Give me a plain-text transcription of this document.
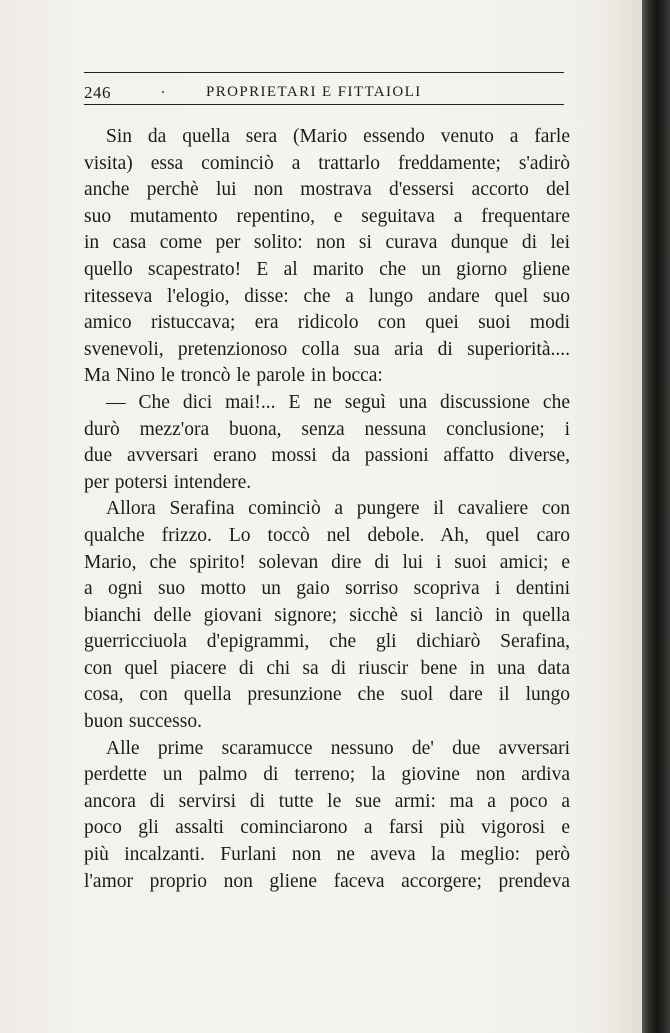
246	PROPRIETARI E FITTAIOLI
Sin da quella sera (Mario essendo venuto a farle
visita) essa cominciò a trattarlo freddamente; s'adirò
anche perchè lui non mostrava d'essersi accorto del
suo mutamento repentino, e seguitava a frequentare
in casa come per solito: non si curava dunque di lei
quello scapestrato! E al marito che un giorno gliene
ritesseva l'elogio, disse: che a lungo andare quel suo
amico ristuccava; era ridicolo con quei suoi modi
svenevoli, pretenzionoso colla sua aria di superiorità....
Ma Nino le troncò le parole in bocca:
— Che dici mai!... E ne seguì una discussione che
durò mezz'ora buona, senza nessuna conclusione; i
due avversari erano mossi da passioni affatto diverse,
per potersi intendere.
Allora Serafina cominciò a pungere il cavaliere con
qualche frizzo. Lo toccò nel debole. Ah, quel caro
Mario, che spirito! solevan dire di lui i suoi amici; e
a ogni suo motto un gaio sorriso scopriva i dentini
bianchi delle giovani signore; sicchè si lanciò in quella
guerricciuola d'epigrammi, che gli dichiarò Serafina,
con quel piacere di chi sa di riuscir bene in una data
cosa, con quella presunzione che suol dare il lungo
buon successo.
Alle prime scaramucce nessuno de' due avversari
perdette un palmo di terreno; la giovine non ardiva
ancora di servirsi di tutte le sue armi: ma a poco a
poco gli assalti cominciarono a farsi più vigorosi e
più incalzanti. Furlani non ne aveva la meglio: però
l'amor proprio non gliene faceva accorgere; prendeva
